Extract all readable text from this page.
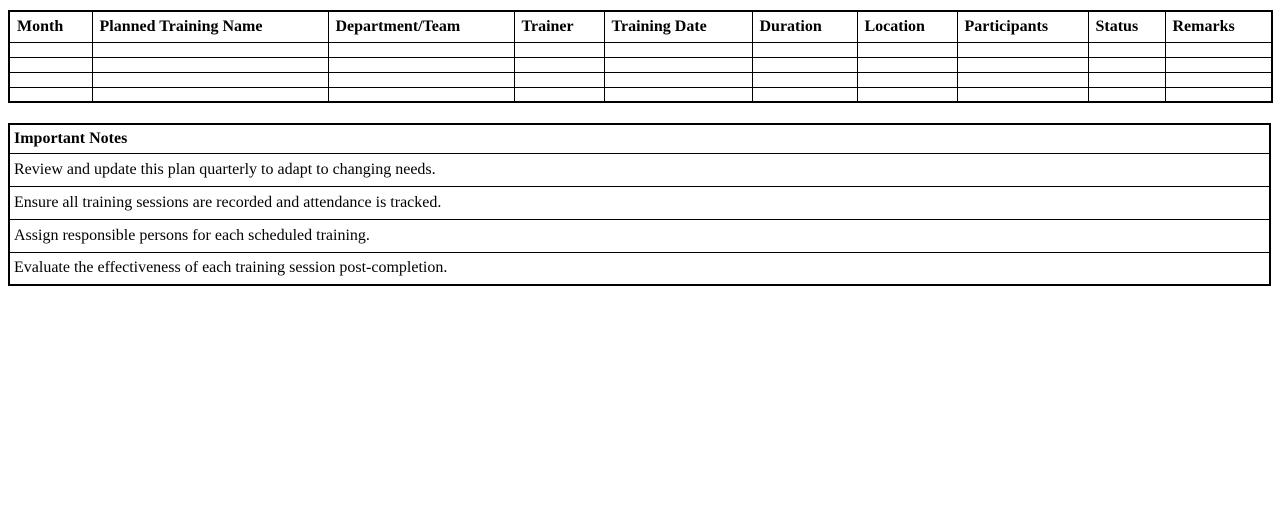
Month	Planned Training Name	Department/Team	Trainer	Training Date	Duration	Location	Participants	Status	Remarks

Important Notes
Review and update this plan quarterly to adapt to changing needs.
Ensure all training sessions are recorded and attendance is tracked.
Assign responsible persons for each scheduled training.
Evaluate the effectiveness of each training session post-completion.
